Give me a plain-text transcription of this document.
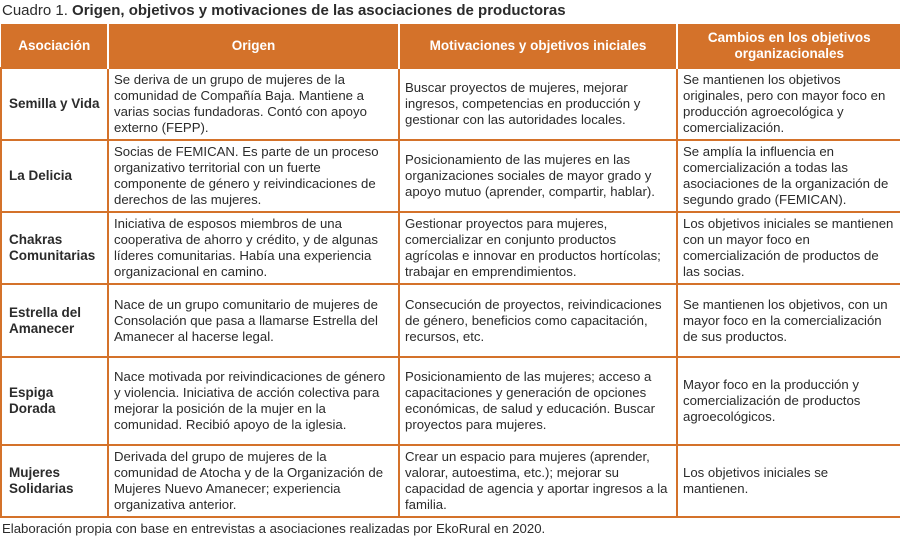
Cuadro 1. Origen, objetivos y motivaciones de las asociaciones de productoras
Asociación	Origen	Motivaciones y objetivos iniciales	Cambios en los objetivos organizacionales
Semilla y Vida	Se deriva de un grupo de mujeres de la comunidad de Compañía Baja. Mantiene a varias socias fundadoras. Contó con apoyo externo (FEPP).	Buscar proyectos de mujeres, mejorar ingresos, competencias en producción y gestionar con las autoridades locales.	Se mantienen los objetivos originales, pero con mayor foco en producción agroecológica y comercialización.
La Delicia	Socias de FEMICAN. Es parte de un proceso organizativo territorial con un fuerte componente de género y reivindicaciones de derechos de las mujeres.	Posicionamiento de las mujeres en las organizaciones sociales de mayor grado y apoyo mutuo (aprender, compartir, hablar).	Se amplía la influencia en comercialización a todas las asociaciones de la organización de segundo grado (FEMICAN).
Chakras Comunitarias	Iniciativa de esposos miembros de una cooperativa de ahorro y crédito, y de algunas líderes comunitarias. Había una experiencia organizacional en camino.	Gestionar proyectos para mujeres, comercializar en conjunto productos agrícolas e innovar en productos hortícolas; trabajar en emprendimientos.	Los objetivos iniciales se mantienen con un mayor foco en comercialización de productos de las socias.
Estrella del Amanecer	Nace de un grupo comunitario de mujeres de Consolación que pasa a llamarse Estrella del Amanecer al hacerse legal.	Consecución de proyectos, reivindicaciones de género, beneficios como capacitación, recursos, etc.	Se mantienen los objetivos, con un mayor foco en la comercialización de sus productos.
Espiga Dorada	Nace motivada por reivindicaciones de género y violencia. Iniciativa de acción colectiva para mejorar la posición de la mujer en la comunidad. Recibió apoyo de la iglesia.	Posicionamiento de las mujeres; acceso a capacitaciones y generación de opciones económicas, de salud y educación. Buscar proyectos para mujeres.	Mayor foco en la producción y comercialización de productos agroecológicos.
Mujeres Solidarias	Derivada del grupo de mujeres de la comunidad de Atocha y de la Organización de Mujeres Nuevo Amanecer; experiencia organizativa anterior.	Crear un espacio para mujeres (aprender, valorar, autoestima, etc.); mejorar su capacidad de agencia y aportar ingresos a la familia.	Los objetivos iniciales se mantienen.
Elaboración propia con base en entrevistas a asociaciones realizadas por EkoRural en 2020.
